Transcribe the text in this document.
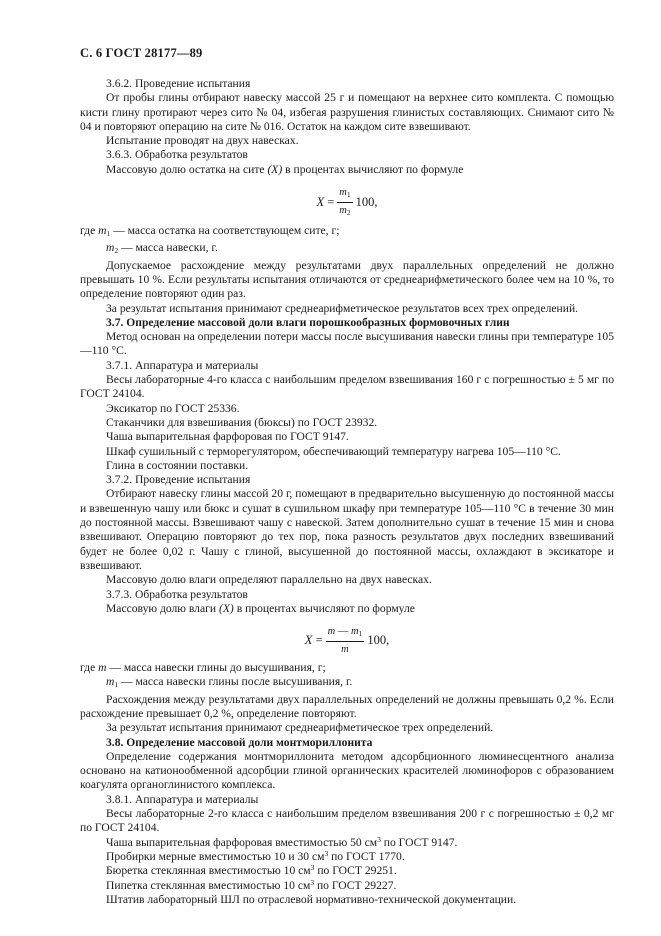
С. 6 ГОСТ 28177—89

3.6.2. Проведение испытания

От пробы глины отбирают навеску массой 25 г и помещают на верхнее сито комплекта. С помощью кисти глину протирают через сито № 04, избегая разрушения глинистых составляющих. Снимают сито № 04 и повторяют операцию на сите № 016. Остаток на каждом сите взвешивают.

Испытание проводят на двух навесках.

3.6.3. Обработка результатов

Массовую долю остатка на сите (X) в процентах вычисляют по формуле

X
= $\frac{m_1}{m_2} 100$,

где $m_1$ — масса остатка на соответствующем сите, г;

$m_2$ — масса навески, г.

Допускаемое расхождение между результатами двух параллельных определений не должно превышать 10 %. Если результаты испытания отличаются от среднеарифметического более чем на 10 %, то определение повторяют один раз.

За результат испытания принимают среднеарифметическое результатов всех трех определений.

3.7. Определение массовой доли влаги порошкообразных формовочных глин

Метод основан на определении потери массы после высушивания навески глины при температуре 105—110 °С.

3.7.1. Аппаратура и материалы

Весы лабораторные 4-го класса с наибольшим пределом взвешивания 160 г с погрешностью ± 5 мг по ГОСТ 24104.

Эксикатор по ГОСТ 25336.

Стаканчики для взвешивания (бюксы) по ГОСТ 23932.

Чаша выпарительная фарфоровая по ГОСТ 9147.

Шкаф сушильный с терморегулятором, обеспечивающий температуру нагрева 105—110 °С.

Глина в состоянии поставки.

3.7.2. Проведение испытания

Отбирают навеску глины массой 20 г, помещают в предварительно высушенную до постоянной массы и взвешенную чашу или бюкс и сушат в сушильном шкафу при температуре 105—110 °С в течение 30 мин до постоянной массы. Взвешивают чашу с навеской. Затем дополнительно сушат в течение 15 мин и снова взвешивают. Операцию повторяют до тех пор, пока разность результатов двух последних взвешиваний будет не более 0,02 г. Чашу с глиной, высушенной до постоянной массы, охлаждают в эксикаторе и взвешивают.

Массовую долю влаги определяют параллельно на двух навесках.

3.7.3. Обработка результатов

Массовую долю влаги (X) в процентах вычисляют по формуле

X
= $\frac{m — m_1}{m} 100$,

где m — масса навески глины до высушивания, г;

$m_1$ — масса навески глины после высушивания, г.

Расхождения между результатами двух параллельных определений не должны превышать 0,2 %. Если расхождение превышает 0,2 %, определение повторяют.

За результат испытания принимают среднеарифметическое трех определений.

3.8. Определение массовой доли монтмориллонита

Определение содержания монтмориллонита методом адсорбционного люминесцентного анализа основано на катионообменной адсорбции глиной органических красителей люминофоров с образованием коагулята органоглинистого комплекса.

3.8.1. Аппаратура и материалы

Весы лабораторные 2-го класса с наибольшим пределом взвешивания 200 г с погрешностью ± 0,2 мг по ГОСТ 24104.

Чаша выпарительная фарфоровая вместимостью 50 $см^3$ по ГОСТ 9147.

Пробирки мерные вместимостью 10 и 30 $см^3$ по ГОСТ 1770.

Бюретка стеклянная вместимостью 10 $см^3$ по ГОСТ 29251.

Пипетка стеклянная вместимостью 10 $см^3$ по ГОСТ 29227.

Штатив лабораторный ШЛ по отраслевой нормативно-технической документации.
